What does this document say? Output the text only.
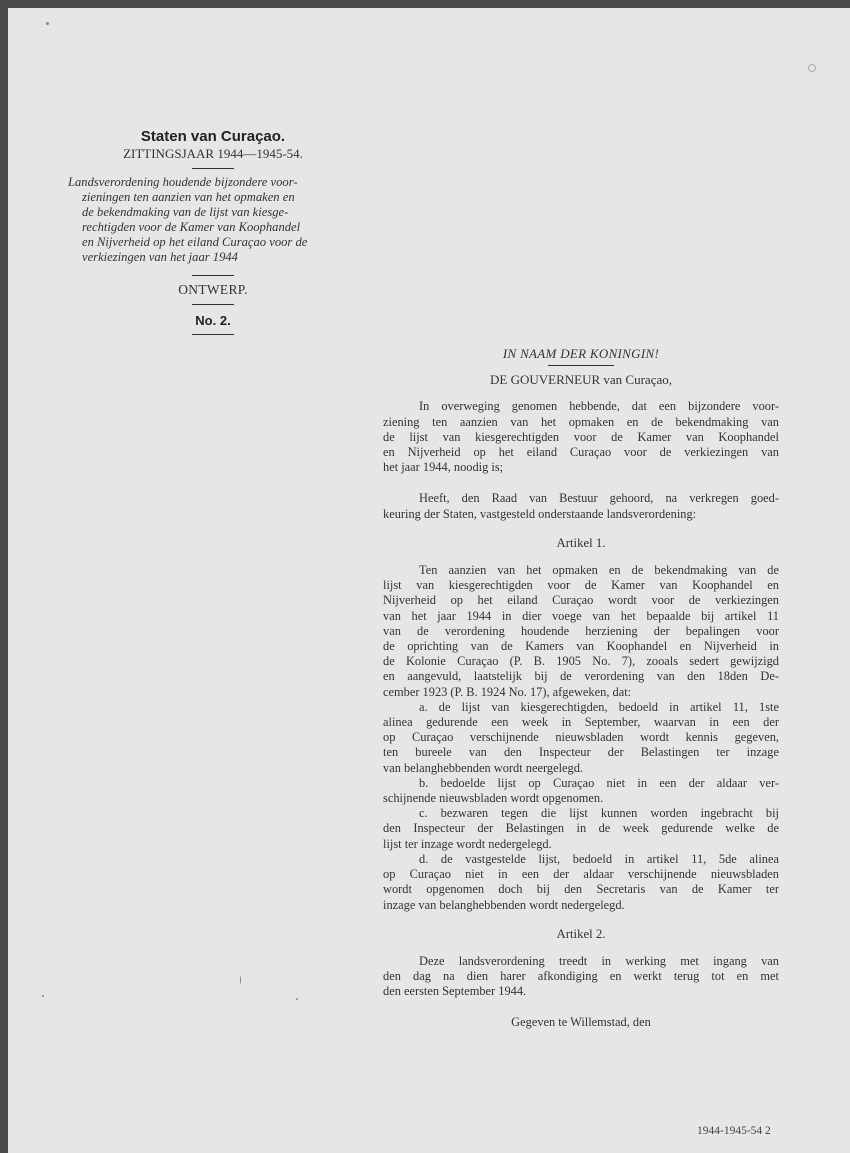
Staten van Curaçao.
ZITTINGSJAAR 1944—1945-54.
Landsverordening houdende bijzondere voor-
zieningen ten aanzien van het opmaken en
de bekendmaking van de lijst van kiesge-
rechtigden voor de Kamer van Koophandel
en Nijverheid op het eiland Curaçao voor de
verkiezingen van het jaar 1944
ONTWERP.
No. 2.
IN NAAM DER KONINGIN!
DE GOUVERNEUR van Curaçao,
In overweging genomen hebbende, dat een bijzondere voor-
ziening ten aanzien van het opmaken en de bekendmaking van
de lijst van kiesgerechtigden voor de Kamer van Koophandel
en Nijverheid op het eiland Curaçao voor de verkiezingen van
het jaar 1944, noodig is;
Heeft, den Raad van Bestuur gehoord, na verkregen goed-
keuring der Staten, vastgesteld onderstaande landsverordening:
Artikel 1.
Ten aanzien van het opmaken en de bekendmaking van de
lijst van kiesgerechtigden voor de Kamer van Koophandel en
Nijverheid op het eiland Curaçao wordt voor de verkiezingen
van het jaar 1944 in dier voege van het bepaalde bij artikel 11
van de verordening houdende herziening der bepalingen voor
de oprichting van de Kamers van Koophandel en Nijverheid in
de Kolonie Curaçao (P. B. 1905 No. 7), zooals sedert gewijzigd
en aangevuld, laatstelijk bij de verordening van den 18den De-
cember 1923 (P. B. 1924 No. 17), afgeweken, dat:
a. de lijst van kiesgerechtigden, bedoeld in artikel 11, 1ste
alinea gedurende een week in September, waarvan in een der
op Curaçao verschijnende nieuwsbladen wordt kennis gegeven,
ten bureele van den Inspecteur der Belastingen ter inzage
van belanghebbenden wordt neergelegd.
b. bedoelde lijst op Curaçao niet in een der aldaar ver-
schijnende nieuwsbladen wordt opgenomen.
c. bezwaren tegen die lijst kunnen worden ingebracht bij
den Inspecteur der Belastingen in de week gedurende welke de
lijst ter inzage wordt nedergelegd.
d. de vastgestelde lijst, bedoeld in artikel 11, 5de alinea
op Curaçao niet in een der aldaar verschijnende nieuwsbladen
wordt opgenomen doch bij den Secretaris van de Kamer ter
inzage van belanghebbenden wordt nedergelegd.
Artikel 2.
Deze landsverordening treedt in werking met ingang van
den dag na dien harer afkondiging en werkt terug tot en met
den eersten September 1944.
Gegeven te Willemstad, den
1944-1945-54 2
